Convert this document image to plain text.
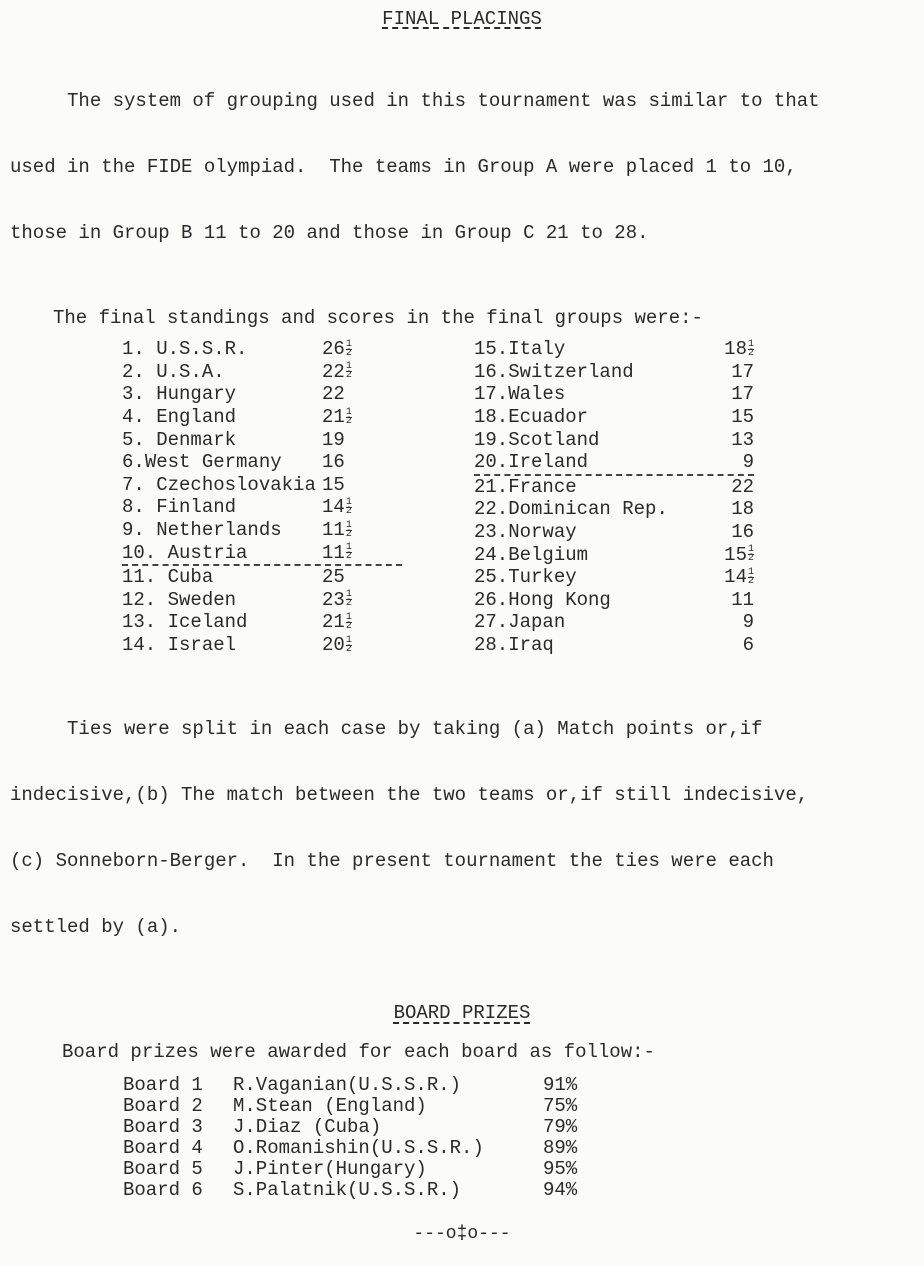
FINAL PLACINGS

The system of grouping used in this tournament was similar to that

used in the FIDE olympiad.  The teams in Group A were placed 1 to 10,

those in Group B 11 to 20 and those in Group C 21 to 28.

The final standings and scores in the final groups were:-
1. U.S.S.R.	$26 \frac{1}{2}$
2. U.S.A.	$22 \frac{1}{2}$
3. Hungary	22
4. England	$21 \frac{1}{2}$
5. Denmark	19
6.West Germany	16
7. Czechoslovakia 15
8. Finland	$14 \frac{1}{2}$
9. Netherlands	$11 \frac{1}{2}$
10. Austria	$11 \frac{1}{2}$
11. Cuba	25
12. Sweden	$23 \frac{1}{2}$
13. Iceland	$21 \frac{1}{2}$
14. Israel	$20 \frac{1}{2}$
15.Italy	$18 \frac{1}{2}$
16.Switzerland	17
17.Wales	17
18.Ecuador	15
19.Scotland	13
20.Ireland	9
21.France	22
22.Dominican Rep.	18
23.Norway	16
24.Belgium	$15 \frac{1}{2}$
25.Turkey	$14 \frac{1}{2}$
26.Hong Kong	11
27.Japan	9
28.Iraq	6

Ties were split in each case by taking (a) Match points or,if

indecisive,(b) The match between the two teams or,if still indecisive,

(c) Sonneborn-Berger.  In the present tournament the ties were each

settled by (a).

BOARD PRIZES
Board prizes were awarded for each board as follow:-
Board 1	R.Vaganian(U.S.S.R.)	91%
Board 2	M.Stean (England)	75%
Board 3	J.Diaz (Cuba)	79%
Board 4	O.Romanishin(U.S.S.R.)	89%
Board 5	J.Pinter(Hungary)	95%
Board 6	S.Palatnik(U.S.S.R.)	94%
---o‡o---
